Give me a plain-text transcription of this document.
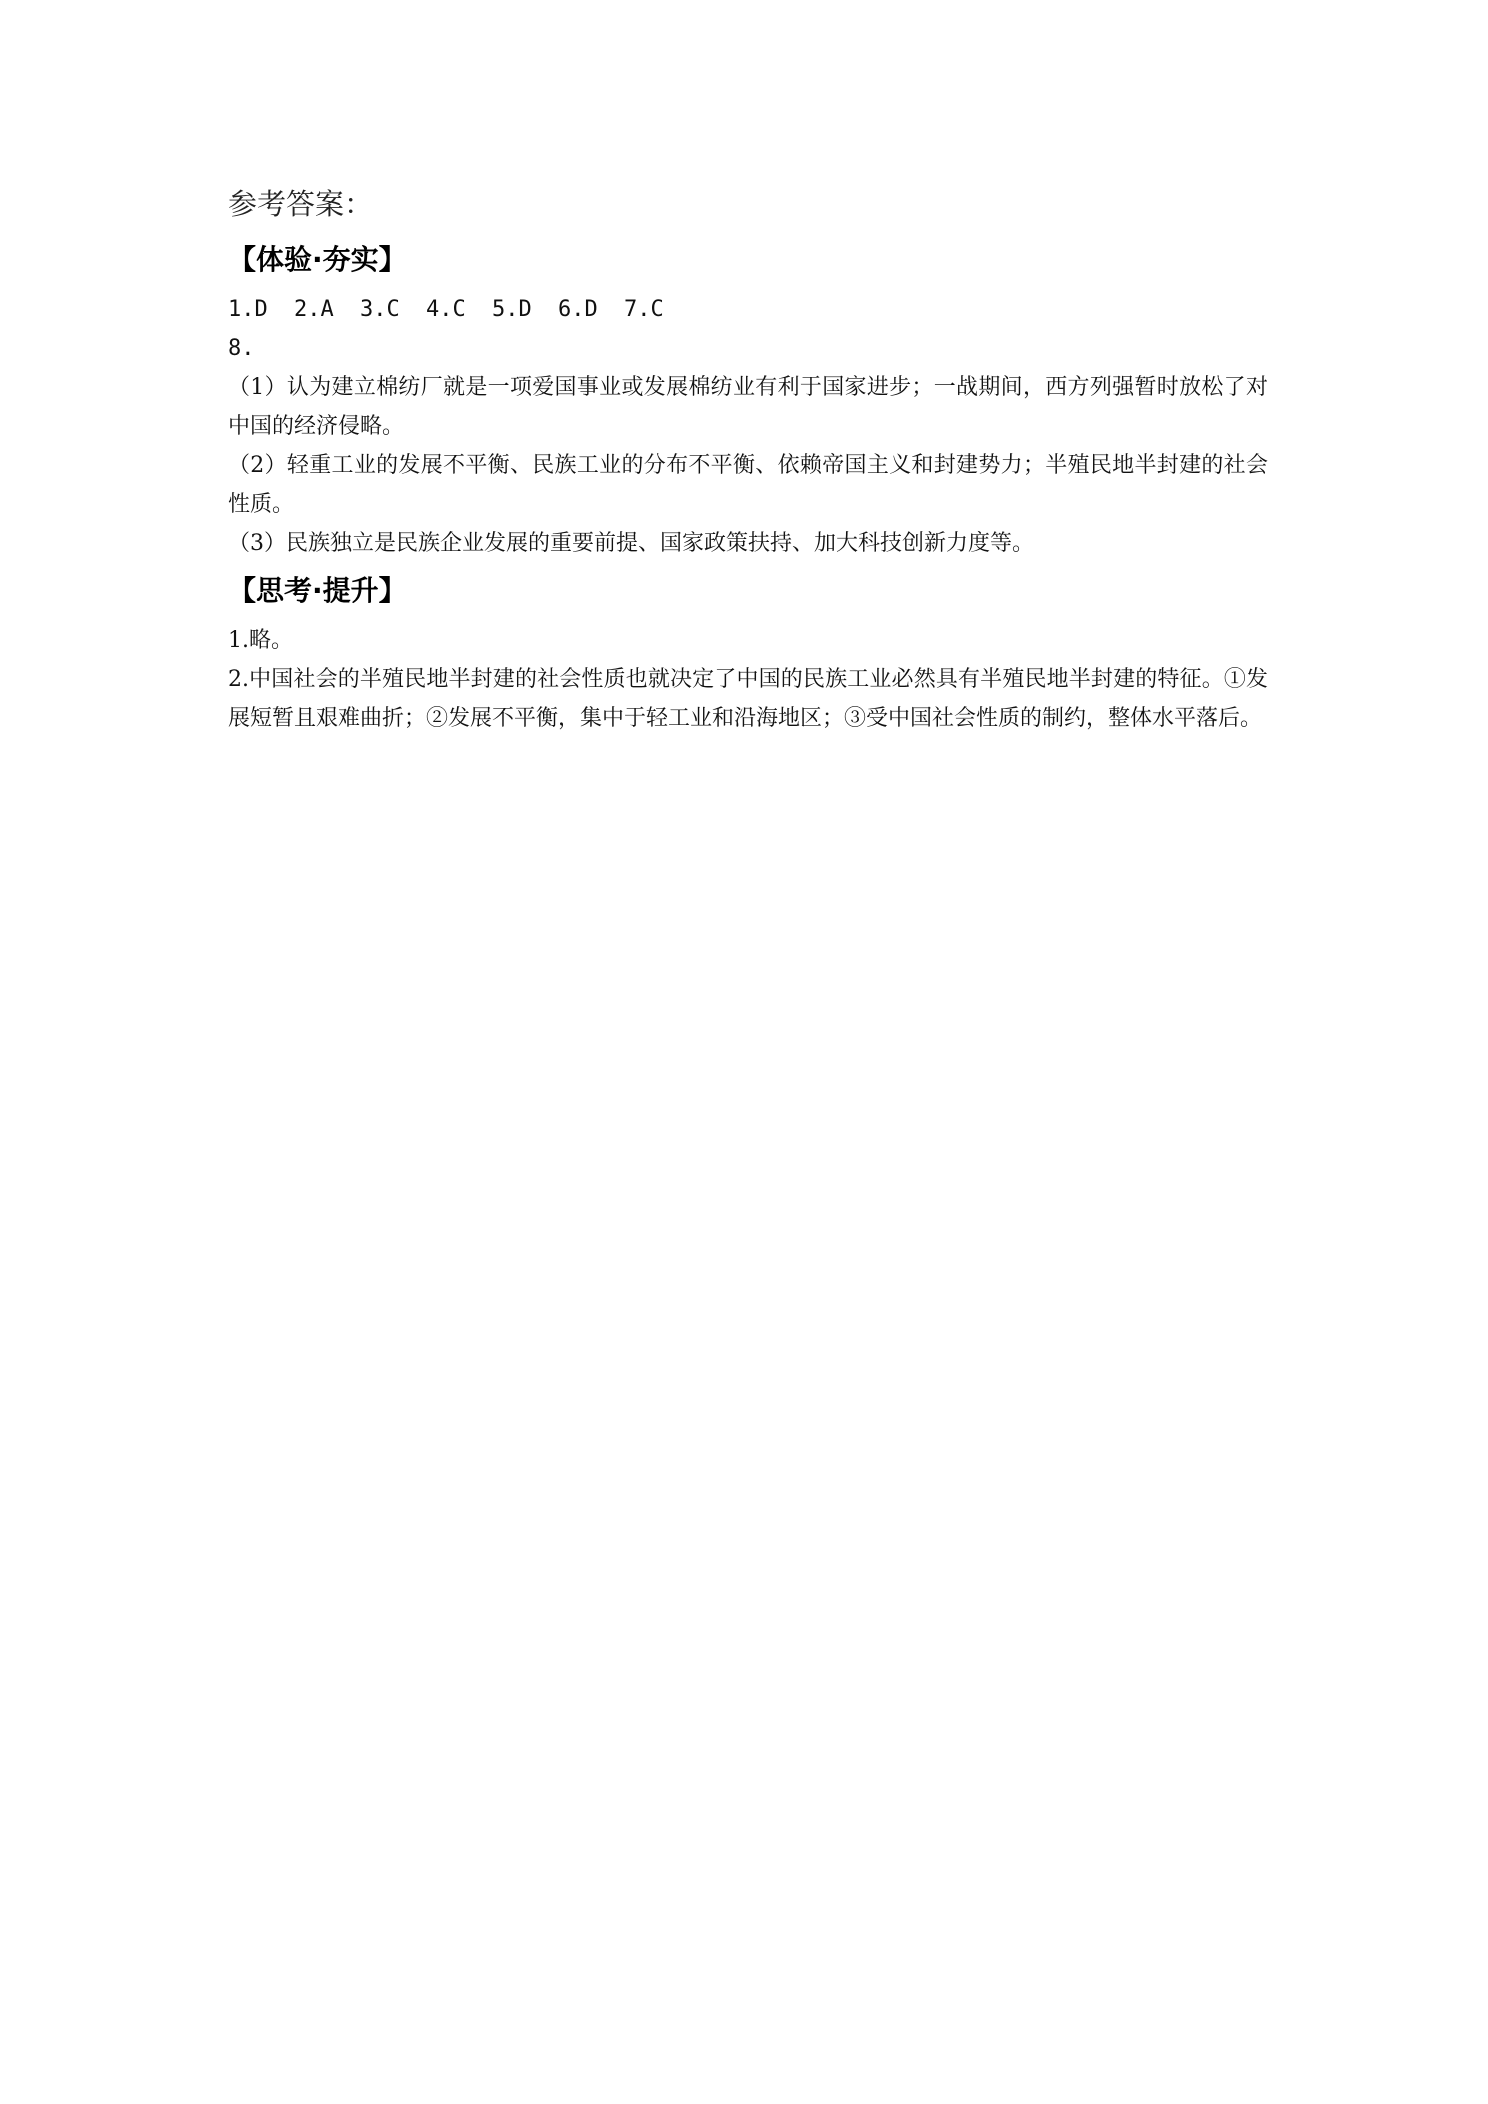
参考答案：
【体验·夯实】
1.D	2.A	3.C	4.C	5.D	6.D	7.C
8.

（1）认为建立棉纺厂就是一项爱国事业或发展棉纺业有利于国家进步；一战期间，西方列强暂时放松了对中国的经济侵略。

（2）轻重工业的发展不平衡、民族工业的分布不平衡、依赖帝国主义和封建势力；半殖民地半封建的社会性质。

（3）民族独立是民族企业发展的重要前提、国家政策扶持、加大科技创新力度等。

【思考·提升】

1.略。

2.中国社会的半殖民地半封建的社会性质也就决定了中国的民族工业必然具有半殖民地半封建的特征。①发展短暂且艰难曲折；②发展不平衡，集中于轻工业和沿海地区；③受中国社会性质的制约，整体水平落后。
